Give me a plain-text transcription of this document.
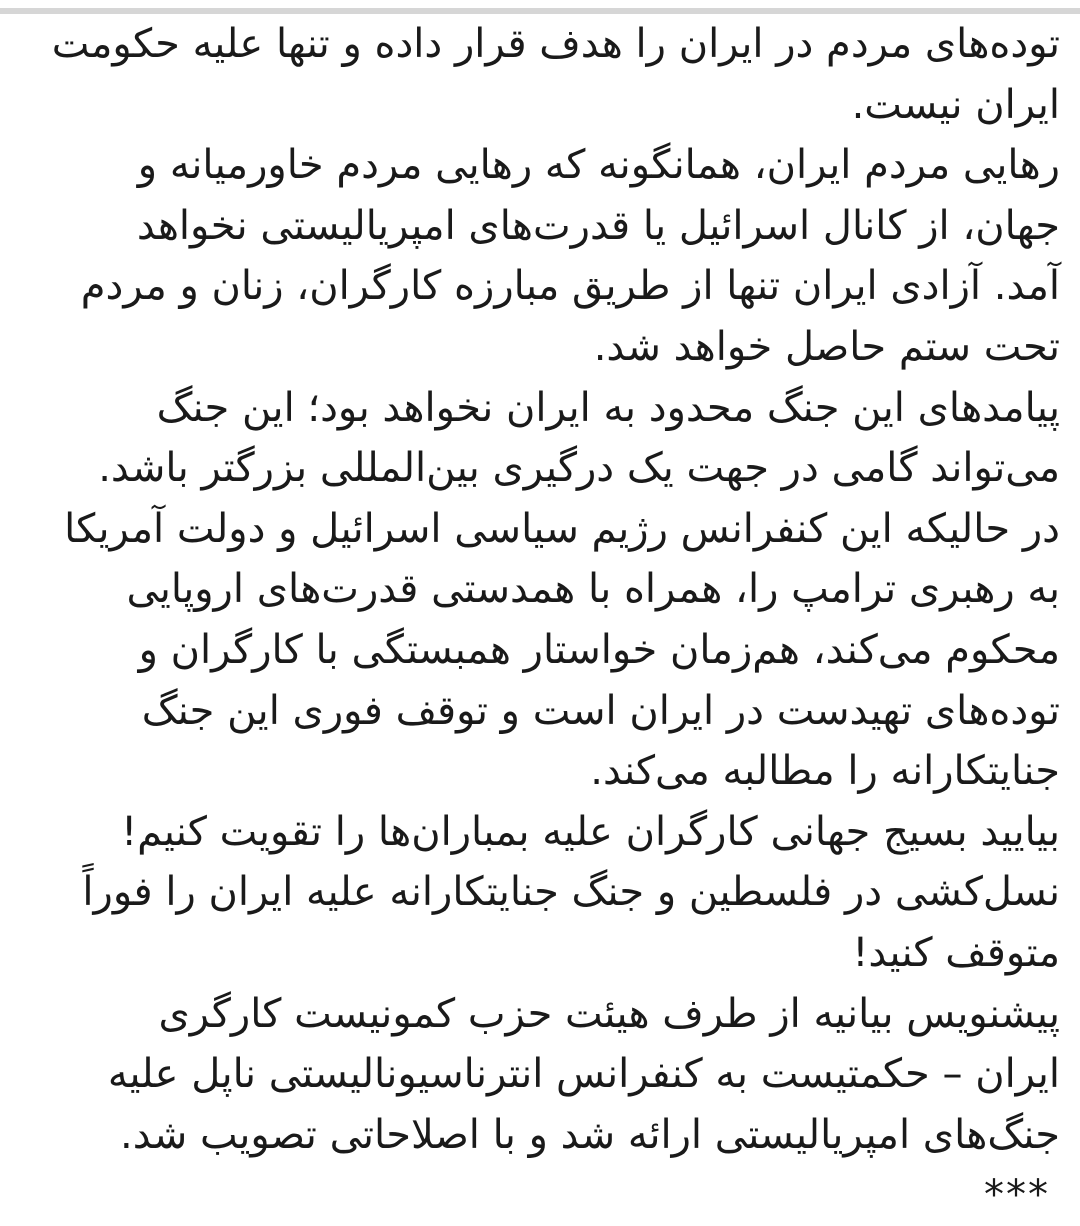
توده‌های مردم در ایران را هدف قرار داده و تنها علیه حکومت
ایران نیست.

رهایی مردم ایران، همانگونه که رهایی مردم خاورمیانه و
جهان، از کانال اسرائیل یا قدرت‌های امپریالیستی نخواهد
آمد. آزادی ایران تنها از طریق مبارزه کارگران، زنان و مردم
تحت ستم حاصل خواهد شد.

پیامدهای این جنگ محدود به ایران نخواهد بود؛ این جنگ
می‌تواند گامی در جهت یک درگیری بین‌المللی بزرگتر باشد.

در حالیکه این کنفرانس رژیم سیاسی اسرائیل و دولت آمریکا
به رهبری ترامپ را، همراه با همدستی قدرت‌های اروپایی
محکوم می‌کند، هم‌زمان خواستار همبستگی با کارگران و
توده‌های تهیدست در ایران است و توقف فوری این جنگ
جنایتکارانه را مطالبه می‌کند.

بیایید بسیج جهانی کارگران علیه بمباران‌ها را تقویت کنیم!
نسل‌کشی در فلسطین و جنگ جنایتکارانه علیه ایران را فوراً
متوقف کنید!

پیشنویس بیانیه از طرف هیئت حزب کمونیست کارگری
ایران – حکمتیست به کنفرانس انترناسیونالیستی ناپل علیه
جنگ‌های امپریالیستی ارائه شد و با اصلاحاتی تصویب شد.

***
